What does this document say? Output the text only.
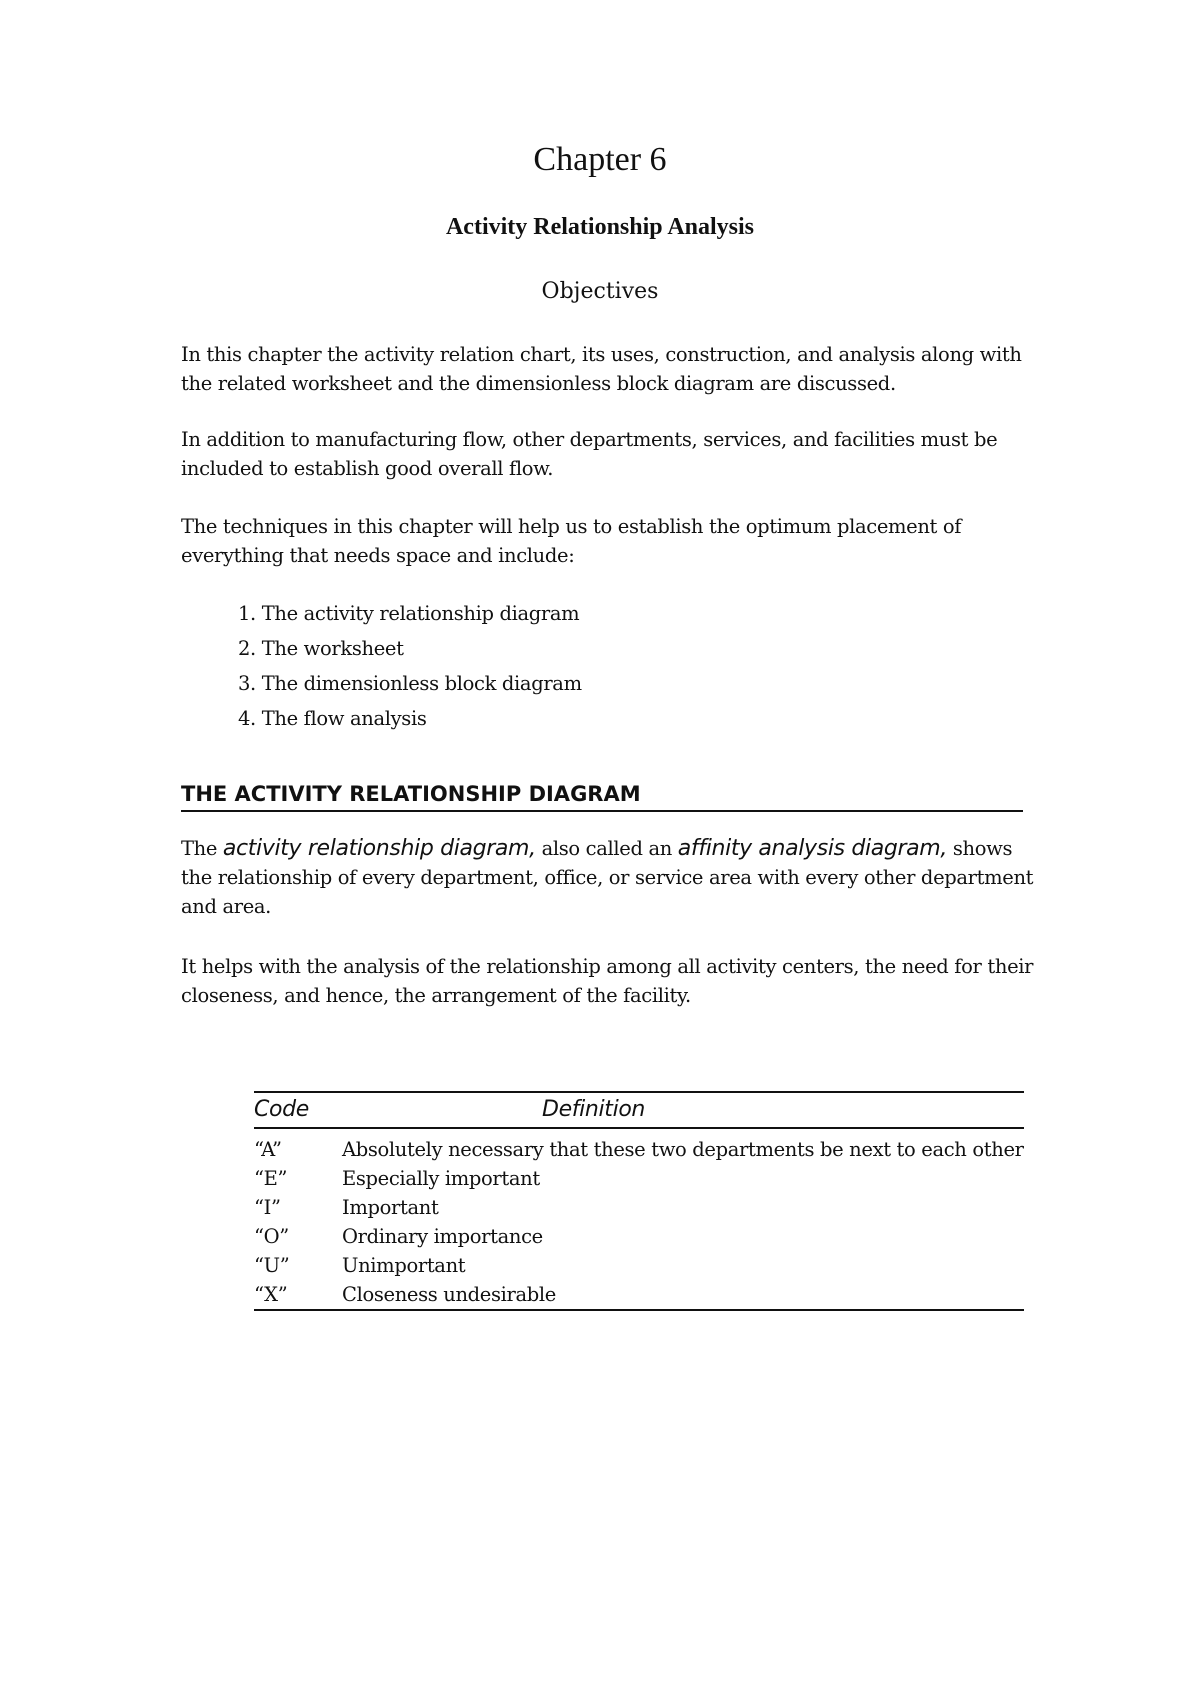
Chapter 6
Activity Relationship Analysis
Objectives

In this chapter the activity relation chart, its uses, construction, and analysis along with the related worksheet and the dimensionless block diagram are discussed.

In addition to manufacturing flow, other departments, services, and facilities must be included to establish good overall flow.

The techniques in this chapter will help us to establish the optimum placement of everything that needs space and include:

1. The activity relationship diagram
2. The worksheet
3. The dimensionless block diagram
4. The flow analysis
THE ACTIVITY RELATIONSHIP DIAGRAM

The activity relationship diagram, also called an affinity analysis diagram, shows the relationship of every department, office, or service area with every other department and area.

It helps with the analysis of the relationship among all activity centers, the need for their closeness, and hence, the arrangement of the facility.

Code	Definition
“A”	Absolutely necessary that these two departments be next to each other
“E”	Especially important
“I”	Important
“O”	Ordinary importance
“U”	Unimportant
“X”	Closeness undesirable
